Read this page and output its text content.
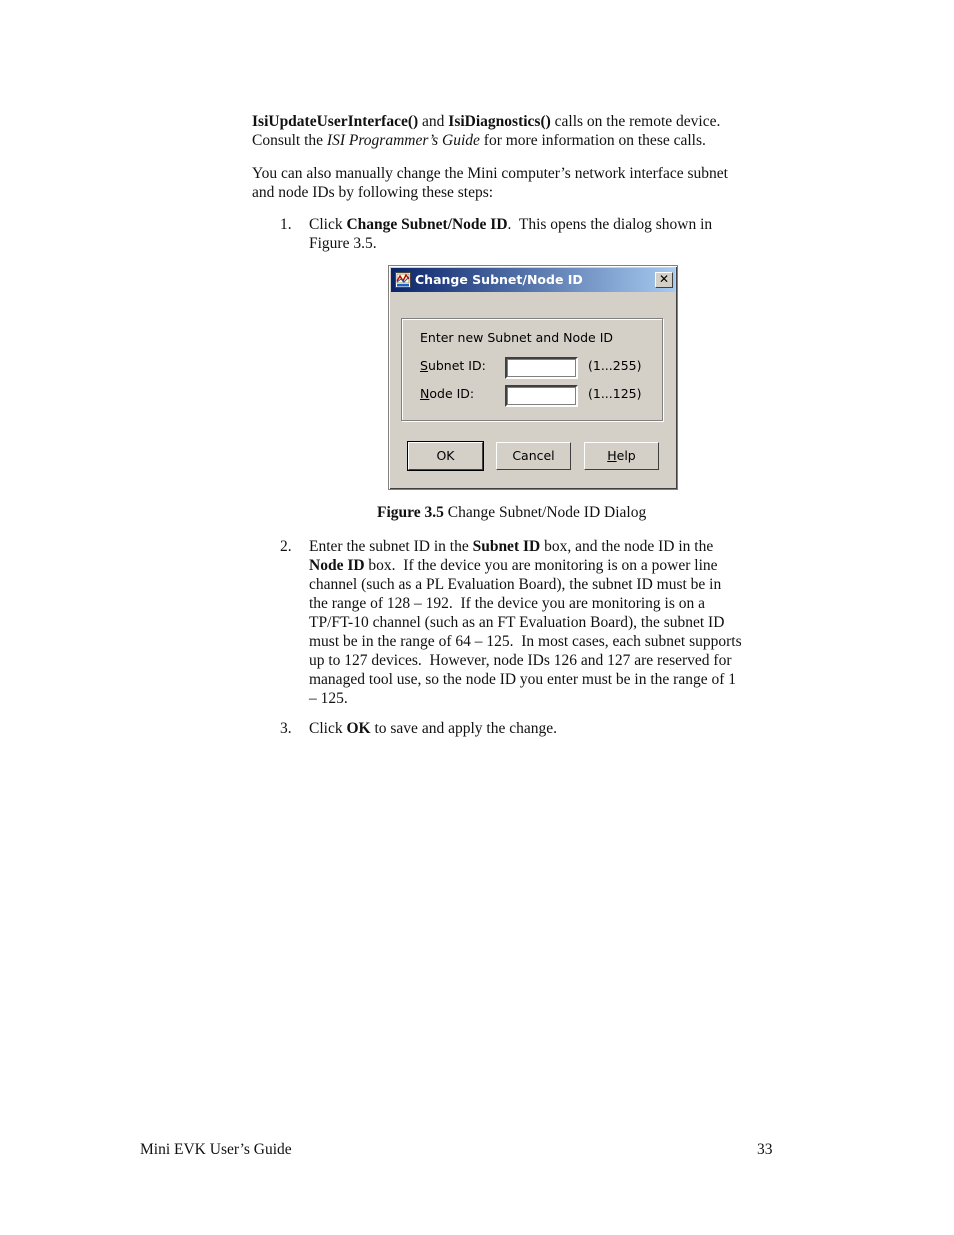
IsiUpdateUserInterface() and IsiDiagnostics() calls on the remote device.
Consult the ISI Programmer’s Guide for more information on these calls.
You can also manually change the Mini computer’s network interface subnet
and node IDs by following these steps:
1.	Click Change Subnet/Node ID.  This opens the dialog shown in
Figure 3.5.
Change Subnet/Node ID	✕
Enter new Subnet and Node ID
Subnet ID:	(1...255)
Node ID:	(1...125)
OK	Cancel	Help
Figure 3.5 Change Subnet/Node ID Dialog
2.	Enter the subnet ID in the Subnet ID box, and the node ID in the
Node ID box.  If the device you are monitoring is on a power line
channel (such as a PL Evaluation Board), the subnet ID must be in
the range of 128 – 192.  If the device you are monitoring is on a
TP/FT-10 channel (such as an FT Evaluation Board), the subnet ID
must be in the range of 64 – 125.  In most cases, each subnet supports
up to 127 devices.  However, node IDs 126 and 127 are reserved for
managed tool use, so the node ID you enter must be in the range of 1
– 125.
3.	Click OK to save and apply the change.
Mini EVK User’s Guide	33
